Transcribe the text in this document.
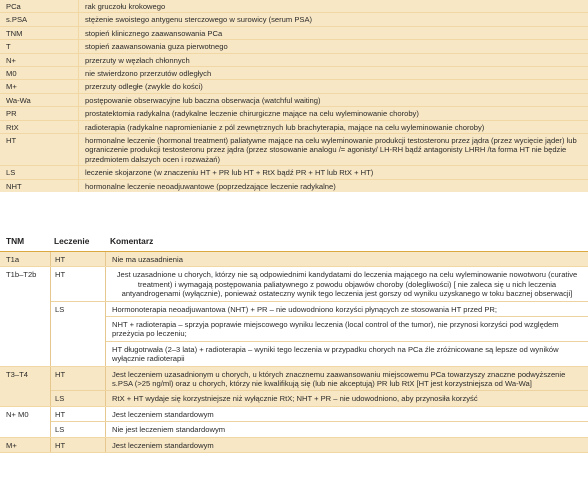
PCa	rak gruczołu krokowego
s.PSA	stężenie swoistego antygenu sterczowego w surowicy (serum PSA)
TNM	stopień klinicznego zaawansowania PCa
T	stopień zaawansowania guza pierwotnego
N+	przerzuty w węzłach chłonnych
M0	nie stwierdzono przerzutów odległych
M+	przerzuty odległe (zwykle do kości)
Wa-Wa	postępowanie obserwacyjne lub baczna obserwacja (watchful waiting)
PR	prostatektomia radykalna (radykalne leczenie chirurgiczne mające na celu wyleminowanie choroby)
RtX	radioterapia (radykalne napromienianie z pól zewnętrznych lub brachyterapia, mające na celu wyleminowanie choroby)
HT	hormonalne leczenie (hormonal treatment) paliatywne mające na celu wyleminowanie produkcji testosteronu przez jądra (przez wycięcie jąder) lub ograniczenie produkcji testosteronu przez jądra (przez stosowanie analogu /= agonisty/ LH-RH bądź antagonisty LHRH /ta forma HT nie będzie przedmiotem dalszych ocen i rozważań)
LS	leczenie skojarzone (w znaczeniu HT + PR lub HT + RtX bądź PR + HT lub RtX + HT)
NHT	hormonalne leczenie neoadjuwantowe (poprzedzające leczenie radykalne)
TNM	Leczenie	Komentarz
T1a	HT	Nie ma uzasadnienia
T1b–T2b	HT	Jest uzasadnione u chorych, którzy nie są odpowiednimi kandydatami do leczenia mającego na celu wyleminowanie nowotworu (curative treatment) i wymagają postępowania paliatywnego z powodu objawów choroby (dolegliwości) [ nie zaleca się u nich leczenia antyandrogenami (wyłącznie), ponieważ ostateczny wynik tego leczenia jest gorszy od wyniku uzyskanego w toku bacznej obserwacji]
LS	Hormonoterapia neoadjuwantowa (NHT) + PR – nie udowodniono korzyści płynących ze stosowania HT przed PR;
NHT + radioterapia – sprzyja poprawie miejscowego wyniku leczenia (local control of the tumor), nie przynosi korzyści pod względem przeżycia po leczeniu;
HT długotrwała (2–3 lata) + radioterapia – wyniki tego leczenia w przypadku chorych na PCa źle zróżnicowane są lepsze od wyników wyłącznie radioterapii
T3–T4	HT	Jest leczeniem uzasadnionym u chorych, u których znacznemu zaawansowaniu miejscowemu PCa towarzyszy znaczne podwyższenie s.PSA (>25 ng/ml) oraz u chorych, którzy nie kwalifikują się (lub nie akceptują) PR lub RtX [HT jest korzystniejsza od Wa-Wa]
LS	RtX + HT wydaje się korzystniejsze niż wyłącznie RtX; NHT + PR – nie udowodniono, aby przynosiła korzyść
N+ M0	HT	Jest leczeniem standardowym
LS	Nie jest leczeniem standardowym
M+	HT	Jest leczeniem standardowym
